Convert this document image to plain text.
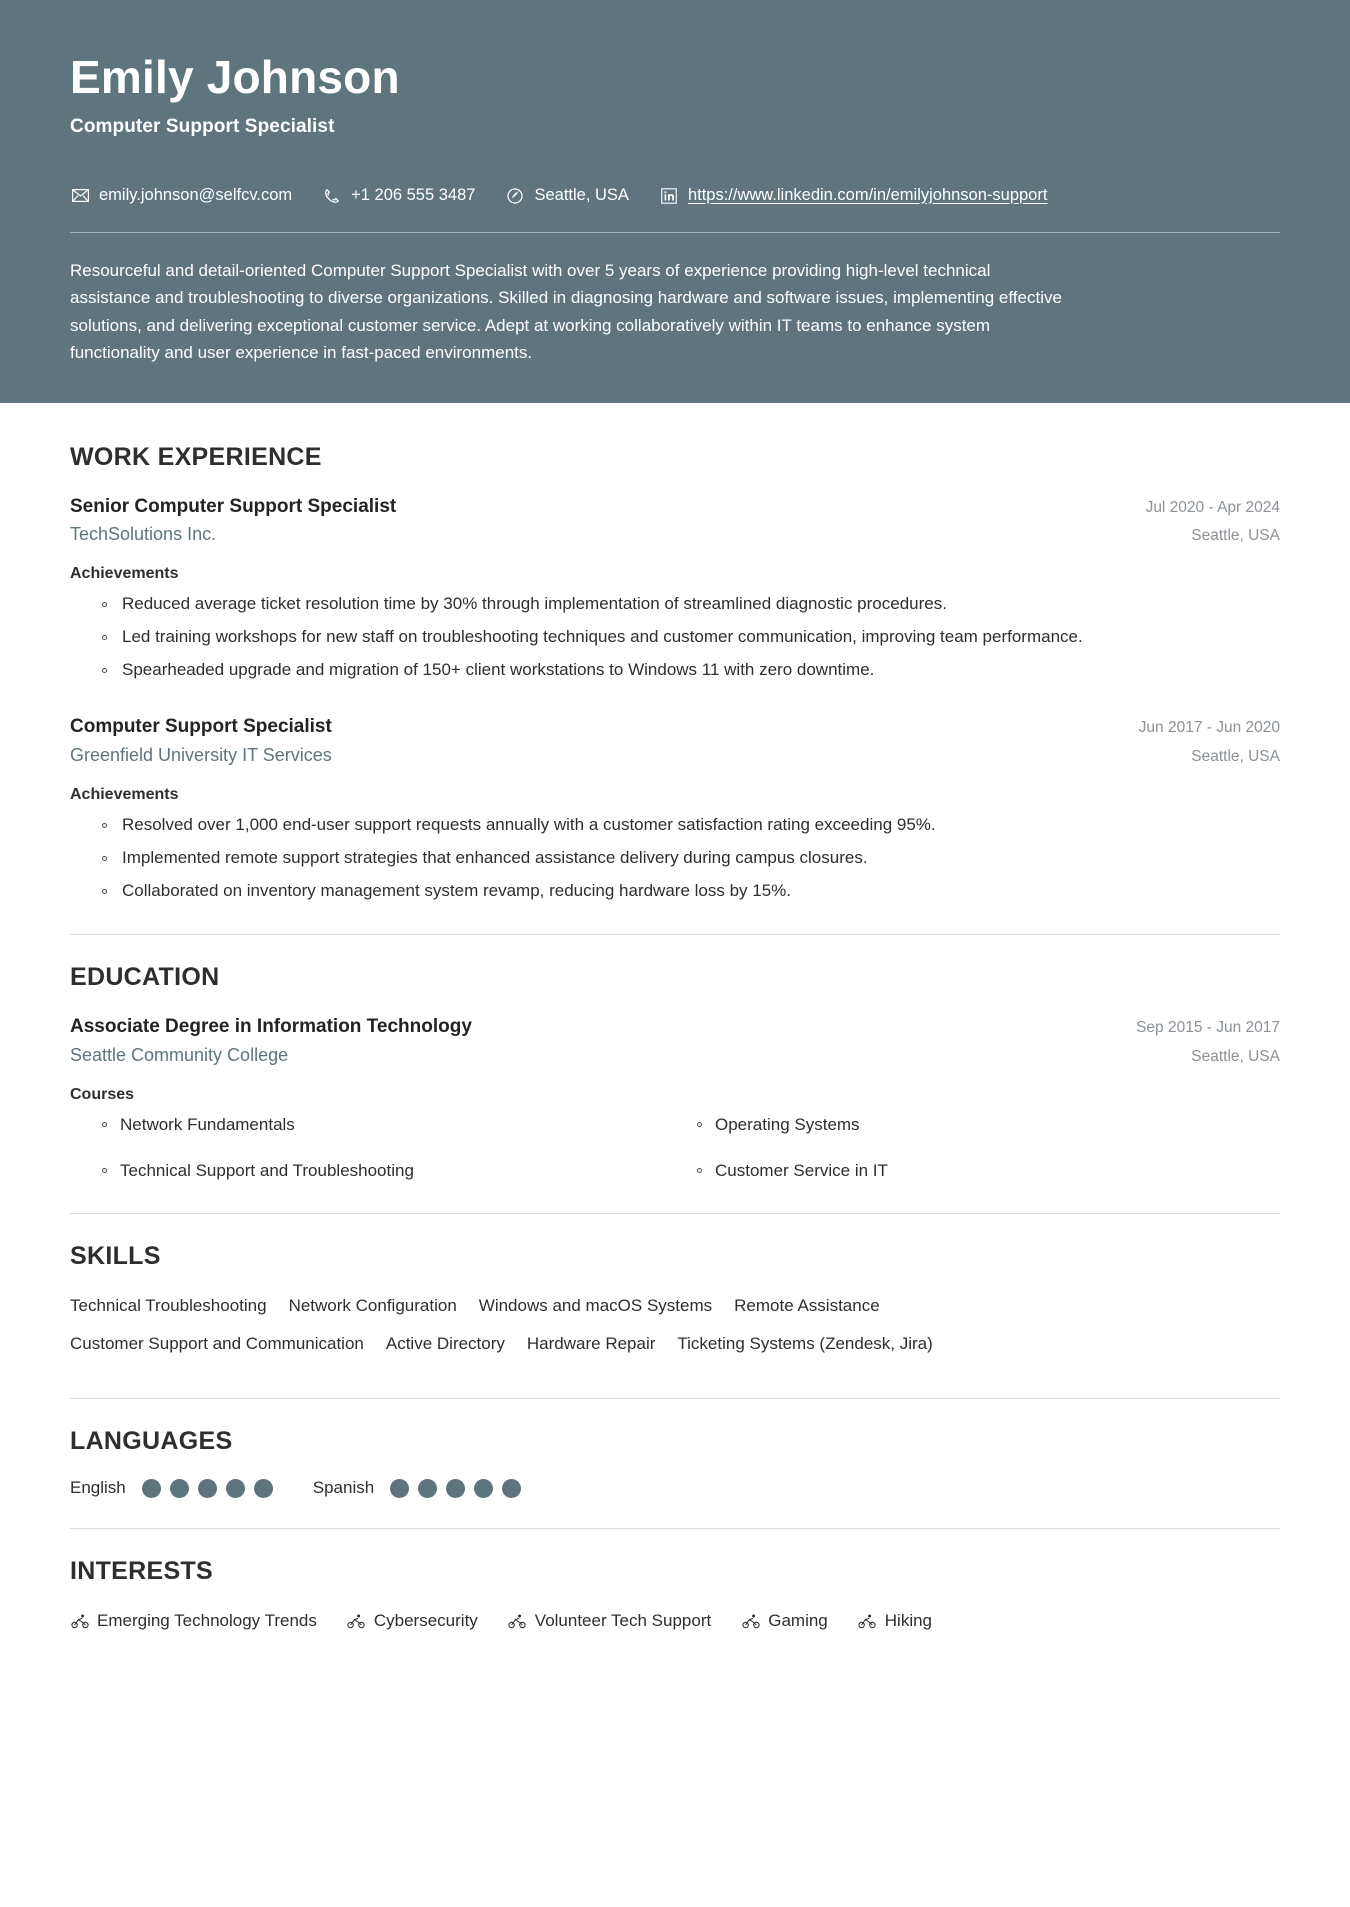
Emily Johnson
Computer Support Specialist
emily.johnson@selfcv.com	+1 206 555 3487	Seattle, USA	https://www.linkedin.com/in/emilyjohnson-support

Resourceful and detail-oriented Computer Support Specialist with over 5 years of experience providing high-level technical assistance and troubleshooting to diverse organizations. Skilled in diagnosing hardware and software issues, implementing effective solutions, and delivering exceptional customer service. Adept at working collaboratively within IT teams to enhance system functionality and user experience in fast-paced environments.

WORK EXPERIENCE
Senior Computer Support Specialist	Jul 2020 - Apr 2024
TechSolutions Inc.	Seattle, USA
Achievements
Reduced average ticket resolution time by 30% through implementation of streamlined diagnostic procedures.
Led training workshops for new staff on troubleshooting techniques and customer communication, improving team performance.
Spearheaded upgrade and migration of 150+ client workstations to Windows 11 with zero downtime.
Computer Support Specialist	Jun 2017 - Jun 2020
Greenfield University IT Services	Seattle, USA
Achievements
Resolved over 1,000 end-user support requests annually with a customer satisfaction rating exceeding 95%.
Implemented remote support strategies that enhanced assistance delivery during campus closures.
Collaborated on inventory management system revamp, reducing hardware loss by 15%.
EDUCATION
Associate Degree in Information Technology	Sep 2015 - Jun 2017
Seattle Community College	Seattle, USA
Courses
Network Fundamentals	Operating Systems
Technical Support and Troubleshooting	Customer Service in IT
SKILLS
Technical Troubleshooting Network Configuration Windows and macOS Systems Remote Assistance
Customer Support and Communication Active Directory Hardware Repair Ticketing Systems (Zendesk, Jira)
LANGUAGES
English	Spanish
INTERESTS
Emerging Technology Trends	Cybersecurity	Volunteer Tech Support	Gaming	Hiking
